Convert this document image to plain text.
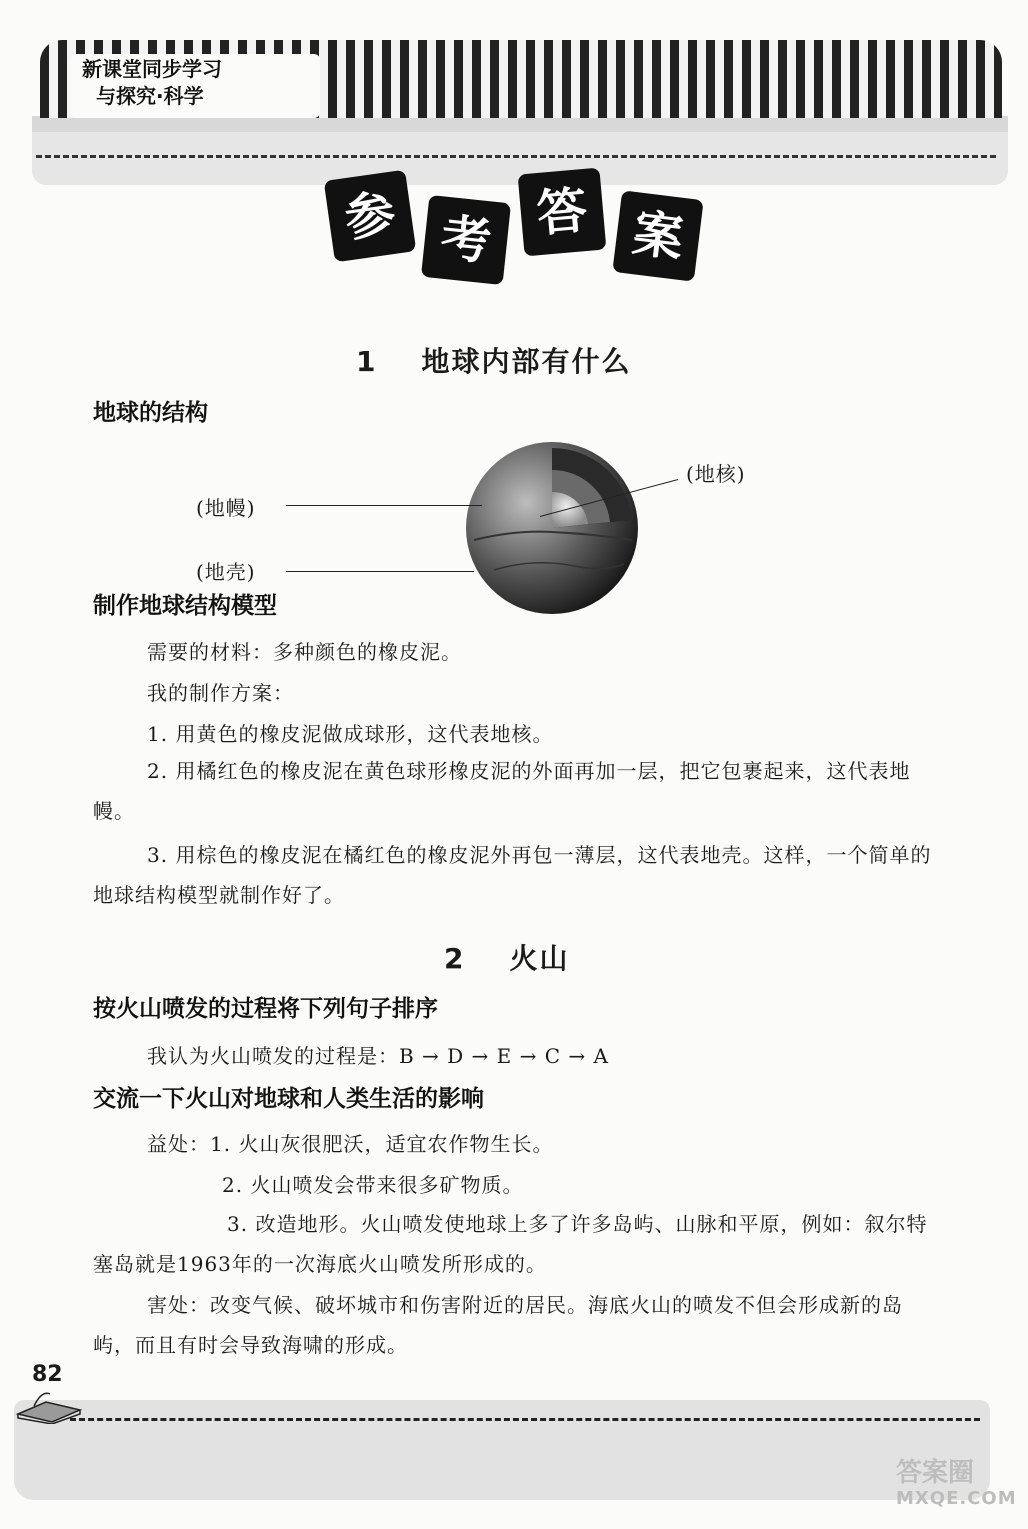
新课堂同步学习
与探究·科学
参 考 答 案
1 地球内部有什么
地球的结构
(地核)
(地幔)
(地壳)
制作地球结构模型
需要的材料：多种颜色的橡皮泥。
我的制作方案：
1. 用黄色的橡皮泥做成球形，这代表地核。
2. 用橘红色的橡皮泥在黄色球形橡皮泥的外面再加一层，把它包裹起来，这代表地幔。
3. 用棕色的橡皮泥在橘红色的橡皮泥外再包一薄层，这代表地壳。这样，一个简单的地球结构模型就制作好了。
2 火山
按火山喷发的过程将下列句子排序
我认为火山喷发的过程是：B → D → E → C → A
交流一下火山对地球和人类生活的影响
益处：1. 火山灰很肥沃，适宜农作物生长。
2. 火山喷发会带来很多矿物质。
3. 改造地形。火山喷发使地球上多了许多岛屿、山脉和平原，例如：叙尔特塞岛就是1963年的一次海底火山喷发所形成的。
害处：改变气候、破坏城市和伤害附近的居民。海底火山的喷发不但会形成新的岛屿，而且有时会导致海啸的形成。
82
答案圈
MXQE.COM
